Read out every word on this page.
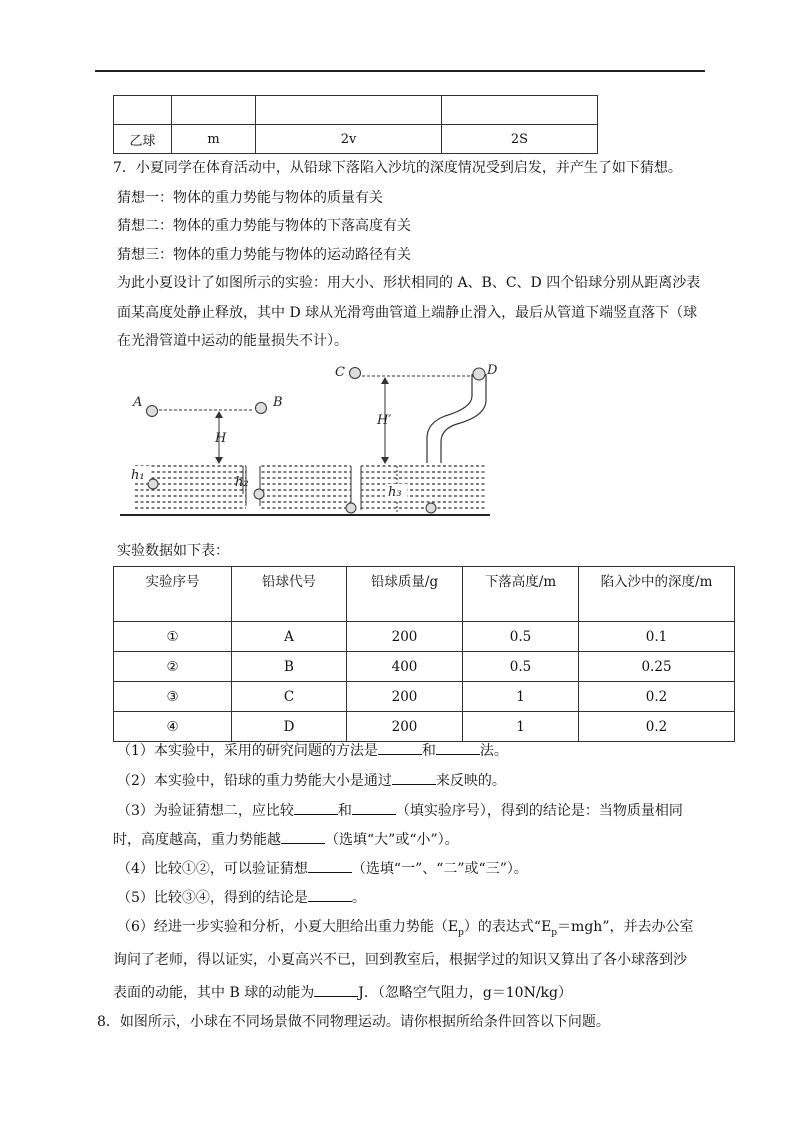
乙球	m	2v	2S
7．小夏同学在体育活动中，从铅球下落陷入沙坑的深度情况受到启发，并产生了如下猜想。
猜想一：物体的重力势能与物体的质量有关
猜想二：物体的重力势能与物体的下落高度有关
猜想三：物体的重力势能与物体的运动路径有关
为此小夏设计了如图所示的实验：用大小、形状相同的 A、B、C、D 四个铅球分别从距离沙表
面某高度处静止释放，其中 D 球从光滑弯曲管道上端静止滑入，最后从管道下端竖直落下（球
在光滑管道中运动的能量损失不计）。
A	B
H
h₁	h₂
C
H′
h₃
D
实验数据如下表：
实验序号	铅球代号	铅球质量/g	下落高度/m	陷入沙中的深度/m
①	A	200	0.5	0.1
②	B	400	0.5	0.25
③	C	200	1	0.2
④	D	200	1	0.2
（1）本实验中，采用的研究问题的方法是	和	法。
（2）本实验中，铅球的重力势能大小是通过	来反映的。
（3）为验证猜想二，应比较	和	（填实验序号），得到的结论是：当物质量相同
时，高度越高，重力势能越	（选填“大”或“小”）。
（4）比较①②，可以验证猜想	（选填“一”、“二”或“三”）。
（5）比较③④，得到的结论是	。
（6）经进一步实验和分析，小夏大胆给出重力势能$(E_p)$的表达式“$E_p=mgh$”，并去办公室
询问了老师，得以证实，小夏高兴不已，回到教室后，根据学过的知识又算出了各小球落到沙
表面的动能，其中 B 球的动能为	J．（忽略空气阻力，g＝10N/kg）
8．如图所示，小球在不同场景做不同物理运动。请你根据所给条件回答以下问题。
